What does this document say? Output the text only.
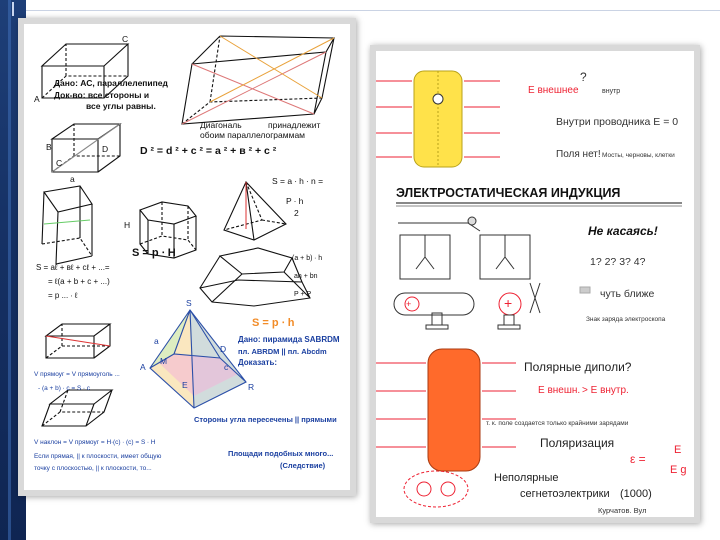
C
A
Дано: АС, параллелепипед
Док-во: все стороны и
все углы равны.
Диагональ	принадлежит
обоим параллелограммам
D ² = d ² + c ² = a ² + в ² + c ²
B	D
C
a
H
S = p ∙ H
S = aℓ + вℓ + cℓ + ...=
= ℓ(a + b + c + ...)
= p ... ∙ ℓ
S = a ∙ h ∙ n =
P ∙ h
2
(a + b) ∙ h
an + bn
P + P
S = p ∙ h
Дано: пирамида SABRDM
пл. ABRDM || пл. Abcdm
Доказать:
Стороны угла пересечены || прямыми
Площади подобных много...
(Следствие)
V прямоуг = V прямоуголь ...
- (a + b) ∙ c = S ∙ c
V наклон = V прямоуг = Н∙(c) ∙ (c) = S ∙ H
Если прямая, || к плоскости, имеет общую
точку с плоскостью, || к плоскости, то...
S
A
M
E	R
D
a
c
E внешнее	внутр
?
Внутри проводника E = 0
Поля нет! Мосты, черновы, клетки
ЭЛЕКТРОСТАТИЧЕСКАЯ ИНДУКЦИЯ
Не касаясь!
1? 2? 3? 4?
чуть ближе
Знак заряда электроскопа
Полярные диполи?
E внешн. > E внутр.
т. к. поле создается только крайними зарядами
Поляризация
ε =
E
E g
Неполярные
сегнетоэлектрики (1000)
Курчатов. Вул
+	+
